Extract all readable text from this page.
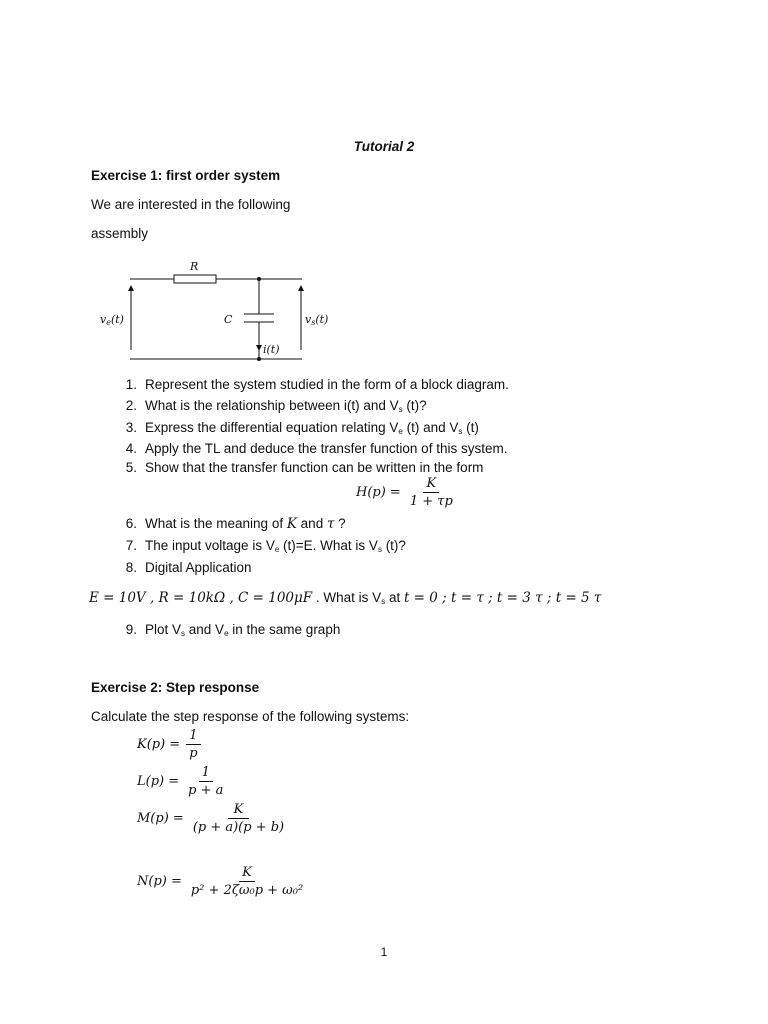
Tutorial 2
Exercise 1: first order system
We are interested in the following
assembly
R
C
ve(t)	vs(t)
i(t)
1. Represent the system studied in the form of a block diagram.
2. What is the relationship between i(t) and $V_s$ (t)?
3. Express the differential equation relating $V_e$ (t) and $V_s$ (t)
4. Apply the TL and deduce the transfer function of this system.
5. Show that the transfer function can be written in the form
$H(p) = \frac{K}{1 + \tau p}$
6. What is the meaning of K and τ ?
7. The input voltage is $V_e$ (t)=E. What is $V_s$ (t)?
8. Digital Application
E = 10V , R = 10kΩ , C = 100μF . What is $V_s$ at t = 0 ; t = τ ; t = 3 τ ; t = 5 τ
9. Plot $V_s$ and $V_e$ in the same graph
Exercise 2: Step response
Calculate the step response of the following systems:
$K(p) = \frac{1}{p}$
$L(p) = \frac{1}{p + a}$
$M(p) = \frac{K}{(p + a)(p + b)}$
$N(p) = \frac{K}{\text{p² + 2ζω₀p + ω₀²}}$
1
